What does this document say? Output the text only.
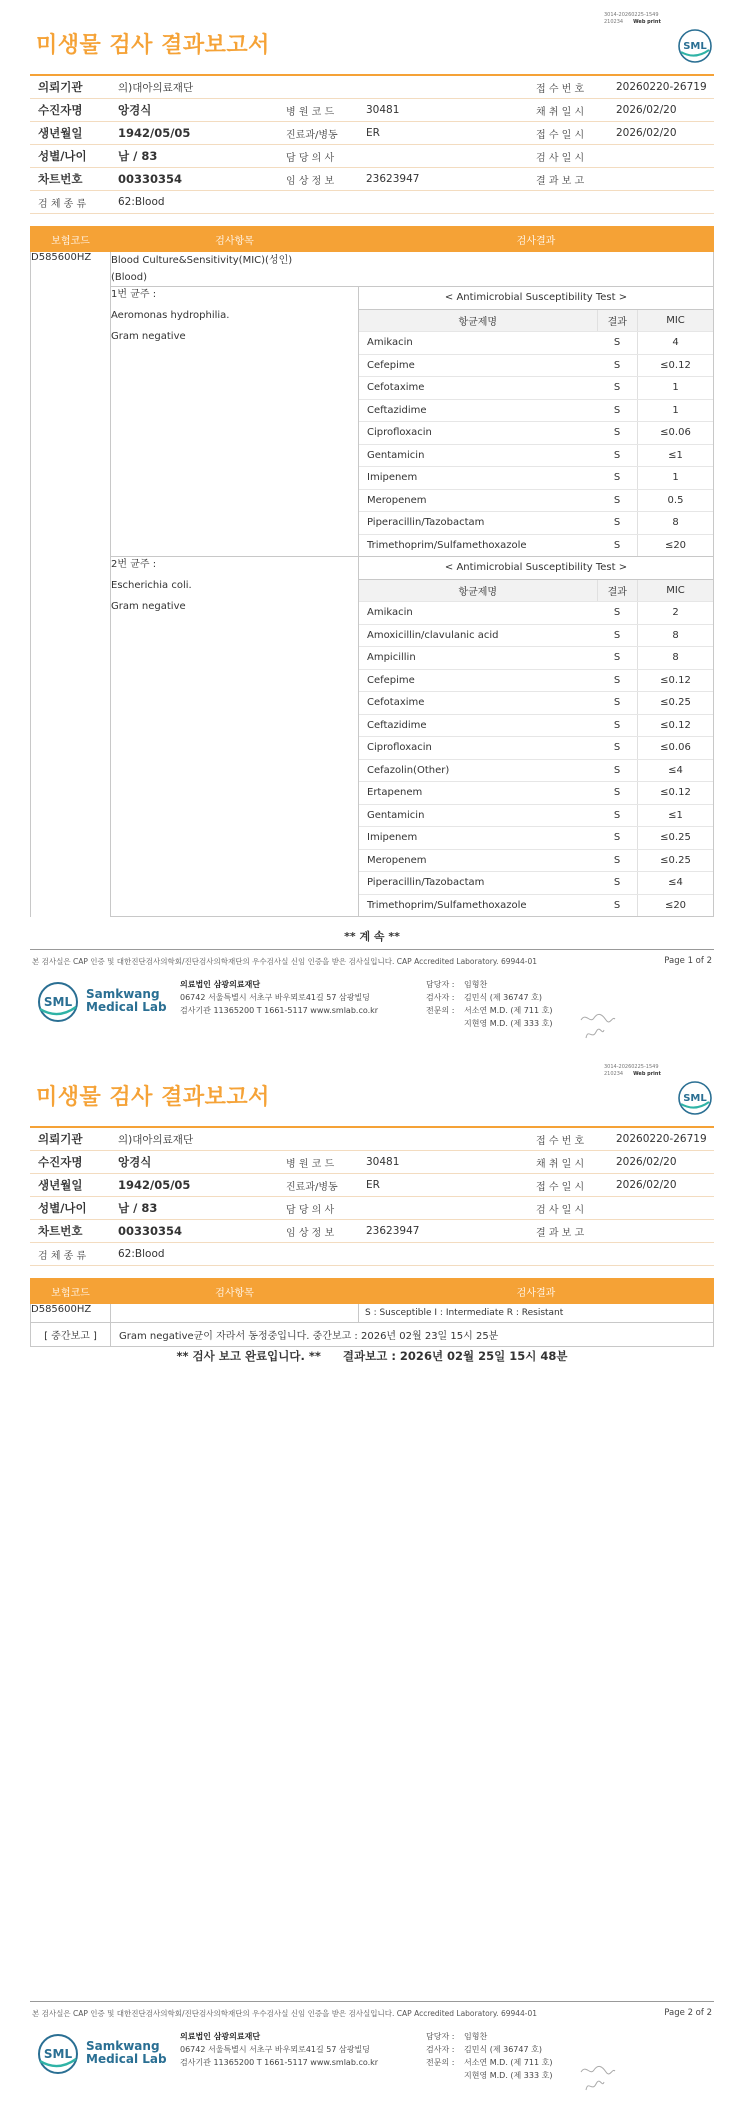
3014-20260225-1549
210234 Web print
SML
미생물 검사 결과보고서
의뢰기관	의)대아의료재단			접 수 번 호	20260220-26719
수진자명	앙경식	병 원 코 드	30481	채 취 일 시	2026/02/20
생년월일	1942/05/05	진료과/병동	ER	접 수 일 시	2026/02/20
성별/나이	남 / 83	담 당 의 사		검 사 일 시	
차트번호	00330354	임 상 정 보	23623947	결 과 보 고	
검 체 종 류	62:Blood				
보험코드	검사항목	검사결과
D585600HZ	Blood Culture&Sensitivity(MIC)(성인)
(Blood)

1번 균주 :
Aeromonas hydrophilia.
Gram negative

< Antimicrobial Susceptibility Test >
항균제명	결과	MIC
Amikacin	S	4
Cefepime	S	≤0.12
Cefotaxime	S	1
Ceftazidime	S	1
Ciprofloxacin	S	≤0.06
Gentamicin	S	≤1
Imipenem	S	1
Meropenem	S	0.5
Piperacillin/Tazobactam	S	8
Trimethoprim/Sulfamethoxazole	S	≤20

2번 균주 :
Escherichia coli.
Gram negative

< Antimicrobial Susceptibility Test >
항균제명	결과	MIC
Amikacin	S	2
Amoxicillin/clavulanic acid	S	8
Ampicillin	S	8
Cefepime	S	≤0.12
Cefotaxime	S	≤0.25
Ceftazidime	S	≤0.12
Ciprofloxacin	S	≤0.06
Cefazolin(Other)	S	≤4
Ertapenem	S	≤0.12
Gentamicin	S	≤1
Imipenem	S	≤0.25
Meropenem	S	≤0.25
Piperacillin/Tazobactam	S	≤4
Trimethoprim/Sulfamethoxazole	S	≤20
** 계 속 **
본 검사실은 CAP 인증 및 대한진단검사의학회/진단검사의학재단의 우수검사실 신임 인증을 받은 검사실입니다. CAP Accredited Laboratory. 69944-01	Page 1 of 2
SML
Samkwang
Medical Lab
의료법인 삼광의료재단
06742 서울특별시 서초구 바우뫼로41길 57 삼광빌딩
검사기관 11365200 T 1661-5117 www.smlab.co.kr
담당자 : 임형찬
검사자 : 김민식 (제 36747 호)
전문의 : 서소연 M.D. (제 711 호)
지현영 M.D. (제 333 호)
3014-20260225-1549
210234 Web print
SML
미생물 검사 결과보고서
의뢰기관	의)대아의료재단			접 수 번 호	20260220-26719
수진자명	앙경식	병 원 코 드	30481	채 취 일 시	2026/02/20
생년월일	1942/05/05	진료과/병동	ER	접 수 일 시	2026/02/20
성별/나이	남 / 83	담 당 의 사		검 사 일 시	
차트번호	00330354	임 상 정 보	23623947	결 과 보 고	
검 체 종 류	62:Blood				
보험코드	검사항목	검사결과
D585600HZ		S : Susceptible I : Intermediate R : Resistant
[ 중간보고 ]	Gram negative균이 자라서 동정중입니다. 중간보고 : 2026년 02월 23일 15시 25분	
** 검사 보고 완료입니다. ** 결과보고 : 2026년 02월 25일 15시 48분
본 검사실은 CAP 인증 및 대한진단검사의학회/진단검사의학재단의 우수검사실 신임 인증을 받은 검사실입니다. CAP Accredited Laboratory. 69944-01	Page 2 of 2
SML
Samkwang
Medical Lab
의료법인 삼광의료재단
06742 서울특별시 서초구 바우뫼로41길 57 삼광빌딩
검사기관 11365200 T 1661-5117 www.smlab.co.kr
담당자 : 임형찬
검사자 : 김민식 (제 36747 호)
전문의 : 서소연 M.D. (제 711 호)
지현영 M.D. (제 333 호)
